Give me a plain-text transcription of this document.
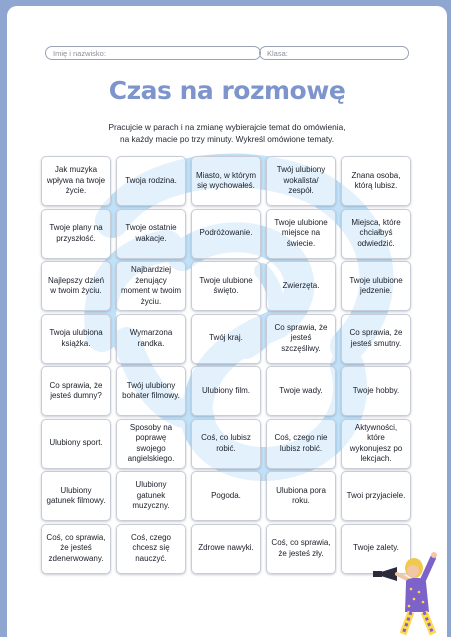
Imię i nazwisko:	Klasa:
Czas na rozmowę
Pracujcie w parach i na zmianę wybierajcie temat do omówienia,
na każdy macie po trzy minuty. Wykreśl omówione tematy.
Jak muzyka wpływa na twoje życie.
Twoja rodzina.
Miasto, w którym się wychowałeś.
Twój ulubiony wokalista/ zespół.
Znana osoba, którą lubisz.
Twoje plany na przyszłość.
Twoje ostatnie wakacje.
Podróżowanie.
Twoje ulubione miejsce na świecie.
Miejsca, które chciałbyś odwiedzić.
Najlepszy dzień w twoim życiu.
Najbardziej żenujący moment w twoim życiu.
Twoje ulubione święto.
Zwierzęta.
Twoje ulubione jedzenie.
Twoja ulubiona książka.
Wymarzona randka.
Twój kraj.
Co sprawia, że jesteś szczęśliwy.
Co sprawia, że jesteś smutny.
Co sprawia, że jesteś dumny?
Twój ulubiony bohater filmowy.
Ulubiony film.	Twoje wady.	Twoje hobby.
Ulubiony sport.
Sposoby na poprawę swojego angielskiego.
Coś, co lubisz robić.
Coś, czego nie lubisz robić.
Aktywności, które wykonujesz po lekcjach.
Ulubiony gatunek filmowy.
Ulubiony gatunek muzyczny.
Pogoda.
Ulubiona pora roku.
Twoi przyjaciele.
Coś, co sprawia, że jesteś zdenerwowany.
Coś, czego chcesz się nauczyć.
Zdrowe nawyki.
Coś, co sprawia, że jesteś zły.
Twoje zalety.
